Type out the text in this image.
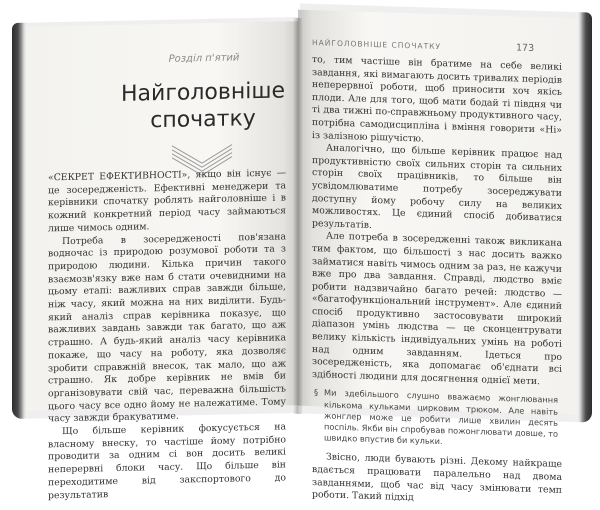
Розділ п'ятий
Найголовніше
спочатку

«СЕКРЕТ ЕФЕКТИВНОСТІ», якщо він існує — це зосередженість. Ефективні менеджери та керівники спочатку роблять найголовніше і в кожний конкретний період часу займаються лише чимось одним.

Потреба в зосередженості пов'язана водночас із природою розумової роботи та з природою людини. Кілька причин такого взаємозв'язку вже нам б стати очевидними на цьому етапі: важливих справ завжди більше, ніж часу, який можна на них виділити. Будь-який аналіз справ керівника показує, що важливих завдань завжди так багато, що аж страшно. А будь-який аналіз часу керівника покаже, що часу на роботу, яка дозволяє зробити справжній внесок, так мало, що аж страшно. Як добре керівник не вмів би організовувати свій час, переважна більшість цього часу все одно йому не належатиме. Тому часу завжди бракуватиме.

Що більше керівник фокусується на власному внеску, то частіше йому потрібно проводити за одним сі вон досить великі неперервні блоки часу. Що більше він переходитиме від закспортового до результатив

НАЙГОЛОВНІШЕ СПОЧАТКУ	173

то, тим частіше він братиме на себе великі завдання, які вимагають досить тривалих періодів неперервної роботи, щоб приносити хоч якісь плоди. Але для того, щоб мати бодай ті півдня чи ті два тижні по-справжньому продуктивного часу, потрібна самодисципліна і вміння говорити «Ні» із залізною рішучістю.

Аналогічно, що більше керівник працює над продуктивністю своїх сильних сторін та сильних сторін своїх працівників, то більше він усвідомлюватиме потребу зосереджувати доступну йому робочу силу на великих можливостях. Це єдиний спосіб добиватися результатів.

Але потреба в зосередженні також викликана тим фактом, що більшості з нас досить важко займатися навіть чимось одним за раз, не кажучи вже про два завдання. Справді, людство вміє робити надзвичайно багато речей: людство — «багатофункціональний інструмент». Але єдиний спосіб продуктивно застосовувати широкий діапазон умінь людства — це сконцентрувати велику кількість індивідуальних умінь на роботі над одним завданням. Ідеться про зосередженість, яка допомагає об'єднати всі здібності людини для досягнення однієї мети.

§ Ми здебільшого слушно вважаємо жонглювання кількома кульками цирковим трюком. Але навіть жонглер може це робити лише хвилин десять поспіль. Якби він спробував пожонглювати довше, то швидко впустив би кульки.

Звісно, люди бувають різні. Декому найкраще вдається працювати паралельно над двома завданнями, щоб час від часу змінювати темп роботи. Такий підхід
